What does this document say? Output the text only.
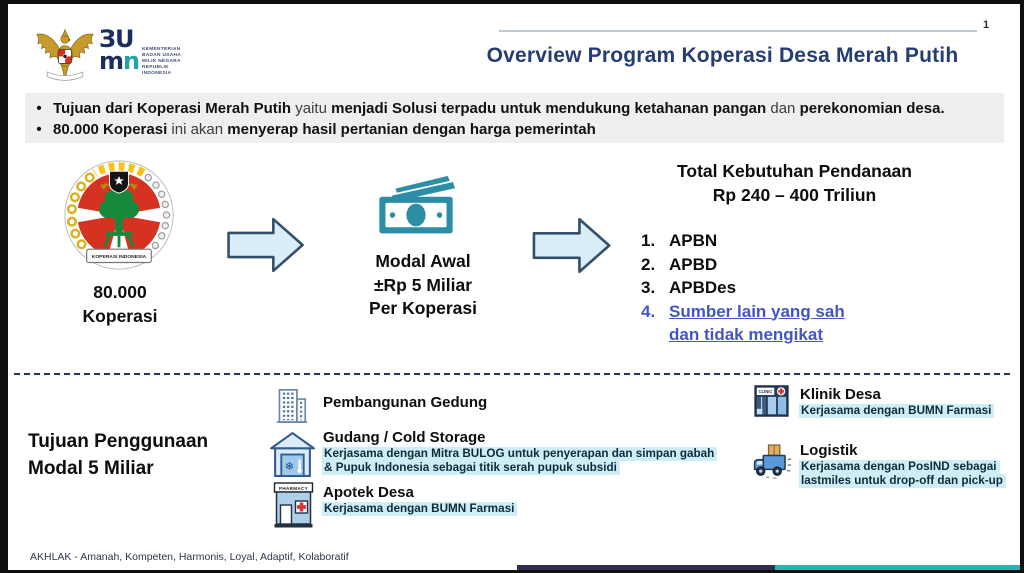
ЗU
mn KEMENTERIAN
BADAN USAHA
MILIK NEGARA
REPUBLIK
INDONESIA
1
Overview Program Koperasi Desa Merah Putih
• Tujuan dari Koperasi Merah Putih yaitu menjadi Solusi terpadu untuk mendukung ketahanan pangan dan perekonomian desa.
• 80.000 Koperasi ini akan menyerap hasil pertanian dengan harga pemerintah
KOPERASI INDONESIA
80.000
Koperasi
Modal Awal
±Rp 5 Miliar
Per Koperasi
Total Kebutuhan Pendanaan
Rp 240 – 400 Triliun
1. APBN
2. APBD
3. APBDes
4. Sumber lain yang sah
dan tidak mengikat
Tujuan Penggunaan
Modal 5 Miliar
Pembangunan Gedung
❄
Gudang / Cold Storage
Kerjasama dengan Mitra BULOG untuk penyerapan dan simpan gabah
& Pupuk Indonesia sebagai titik serah pupuk subsidi
PHARMACY Apotek Desa
Kerjasama dengan BUMN Farmasi
CLINIC Klinik Desa
Kerjasama dengan BUMN Farmasi
Logistik
Kerjasama dengan PosIND sebagai
lastmiles untuk drop-off dan pick-up
AKHLAK - Amanah, Kompeten, Harmonis, Loyal, Adaptif, Kolaboratif
